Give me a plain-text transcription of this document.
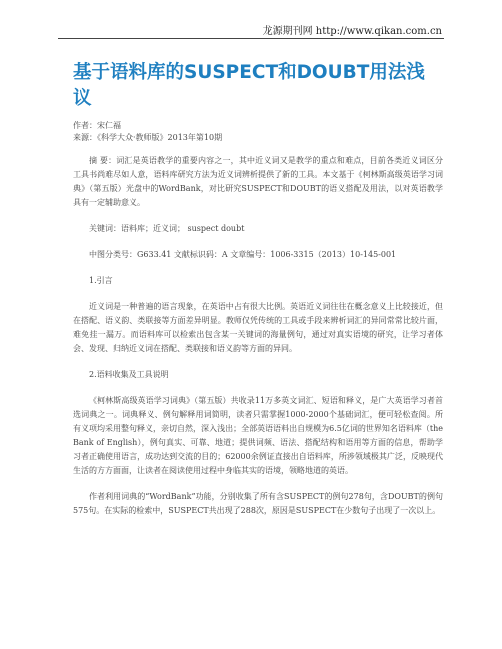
龙源期刊网 http://www.qikan.com.cn
基于语料库的SUSPECT和DOUBT用法浅议
作者：宋仁福
来源：《科学大众·教师版》2013年第10期

摘 要：词汇是英语教学的重要内容之一，其中近义词又是教学的重点和难点，目前各类近义词区分工具书尚难尽如人意，语料库研究方法为近义词辨析提供了新的工具。本文基于《柯林斯高级英语学习词典》（第五版）光盘中的WordBank，对比研究SUSPECT和DOUBT的语义搭配及用法，以对英语教学具有一定辅助意义。

关键词：语料库；近义词； suspect doubt

中图分类号：G633.41 文献标识码：A 文章编号：1006-3315（2013）10-145-001

1.引言

近义词是一种普遍的语言现象，在英语中占有很大比例。英语近义词往往在概念意义上比较接近，但在搭配、语义韵、类联接等方面差异明显。教师仅凭传统的工具或手段来辨析词汇的异同常常比较片面，难免挂一漏万。而语料库可以检索出包含某一关键词的海量例句，通过对真实语境的研究，让学习者体会、发现、归纳近义词在搭配、类联接和语义韵等方面的异同。

2.语料收集及工具说明

《柯林斯高级英语学习词典》（第五版）共收录11万多英文词汇、短语和释义，是广大英语学习者首选词典之一。词典释义、例句解释用词简明，读者只需掌握1000-2000个基础词汇，便可轻松查阅。所有义项均采用整句释义，亲切自然，深入浅出；全部英语语料出自规模为6.5亿词的世界知名语料库（the Bank of English），例句真实、可靠、地道；提供词频、语法、搭配结构和语用等方面的信息，帮助学习者正确使用语言，成功达到交流的目的；62000余例证直接出自语料库，所涉领域极其广泛，反映现代生活的方方面面，让读者在阅读使用过程中身临其实的语境，领略地道的英语。

作者利用词典的“WordBank”功能，分别收集了所有含SUSPECT的例句278句，含DOUBT的例句575句。在实际的检索中，SUSPECT共出现了288次，原因是SUSPECT在少数句子出现了一次以上。
